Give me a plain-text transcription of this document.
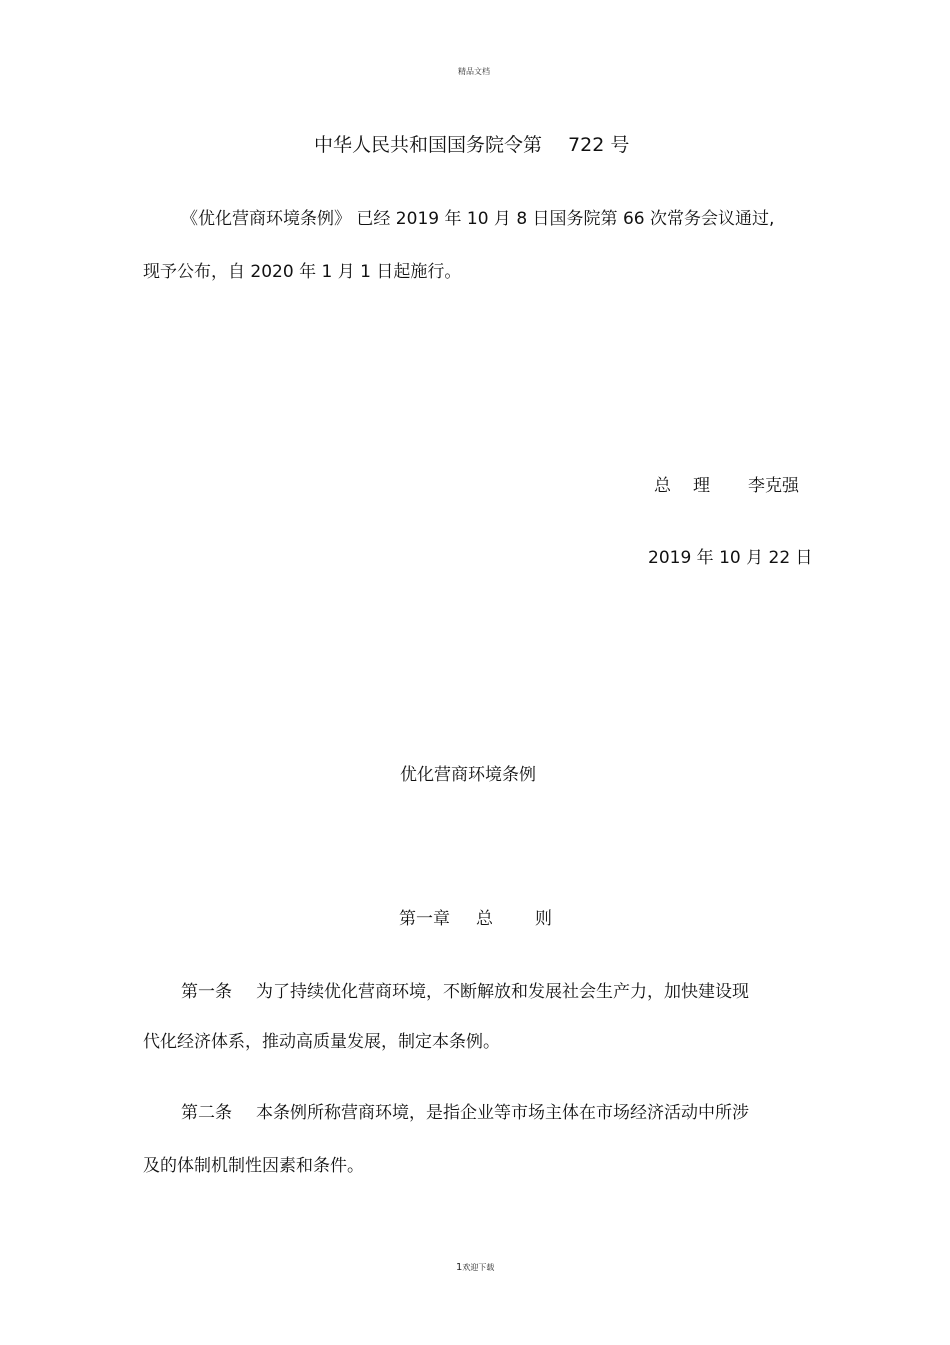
精品文档
中华人民共和国国务院令第 722 号
《优化营商环境条例》 已经 2019 年 10 月 8 日国务院第 66 次常务会议通过,
现予公布，自 2020 年 1 月 1 日起施行。
总 理 李克强
2019 年 10 月 22 日
优化营商环境条例
第一章 总 则
第一条 为了持续优化营商环境，不断解放和发展社会生产力，加快建设现
代化经济体系，推动高质量发展，制定本条例。
第二条 本条例所称营商环境，是指企业等市场主体在市场经济活动中所涉
及的体制机制性因素和条件。
1欢迎下载
